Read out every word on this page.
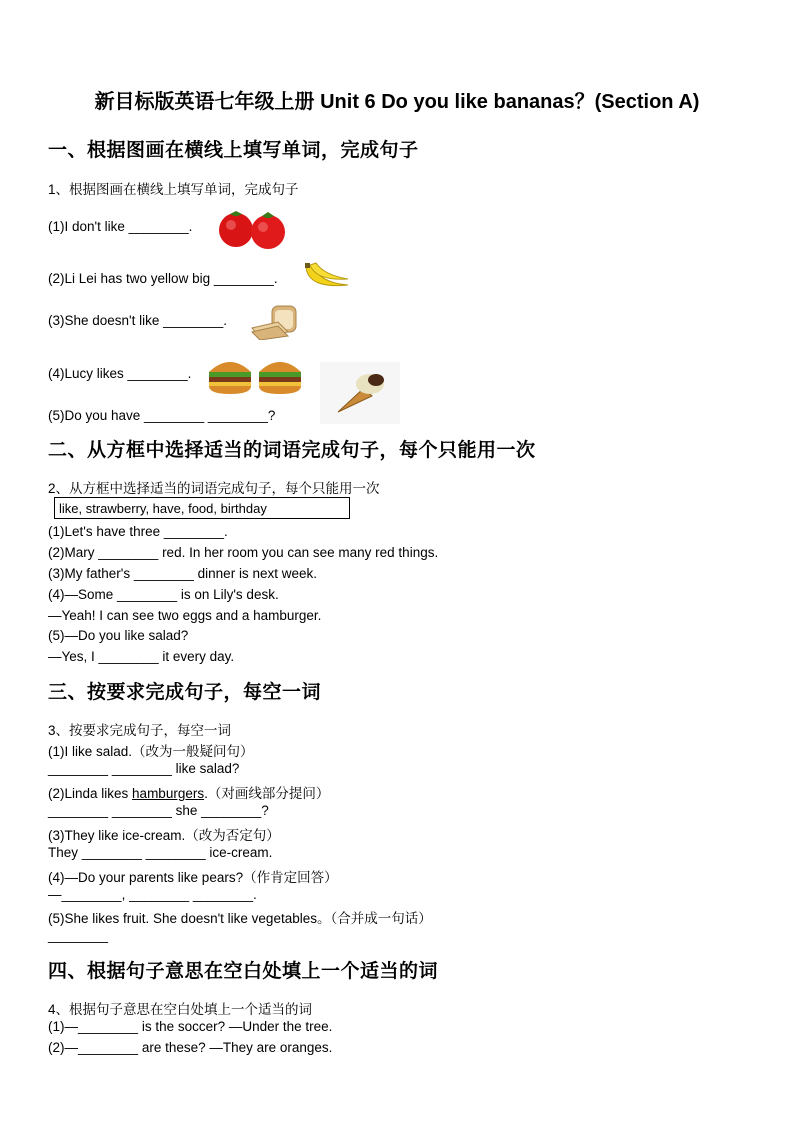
新目标版英语七年级上册 Unit 6 Do you like bananas？(Section A)
一、根据图画在横线上填写单词，完成句子
1、根据图画在横线上填写单词，完成句子
(1)I don't like ________.
(2)Li Lei has two yellow big ________.
(3)She doesn't like ________.
(4)Lucy likes ________.
(5)Do you have ________ ________?
二、从方框中选择适当的词语完成句子，每个只能用一次
2、从方框中选择适当的词语完成句子，每个只能用一次
like, strawberry, have, food, birthday
(1)Let's have three ________.
(2)Mary ________ red. In her room you can see many red things.
(3)My father's ________ dinner is next week.
(4)—Some ________ is on Lily's desk.
—Yeah! I can see two eggs and a hamburger.
(5)—Do you like salad?
—Yes, I ________ it every day.
三、按要求完成句子，每空一词
3、按要求完成句子，每空一词
(1)I like salad.（改为一般疑问句）
________ ________ like salad?
(2)Linda likes hamburgers.（对画线部分提问）
________ ________ she ________?
(3)They like ice-cream.（改为否定句）
They ________ ________ ice-cream.
(4)—Do your parents like pears?（作肯定回答）
—________, ________ ________.
(5)She likes fruit. She doesn't like vegetables。（合并成一句话）
________
四、根据句子意思在空白处填上一个适当的词
4、根据句子意思在空白处填上一个适当的词
(1)—________ is the soccer? —Under the tree.
(2)—________ are these? —They are oranges.
